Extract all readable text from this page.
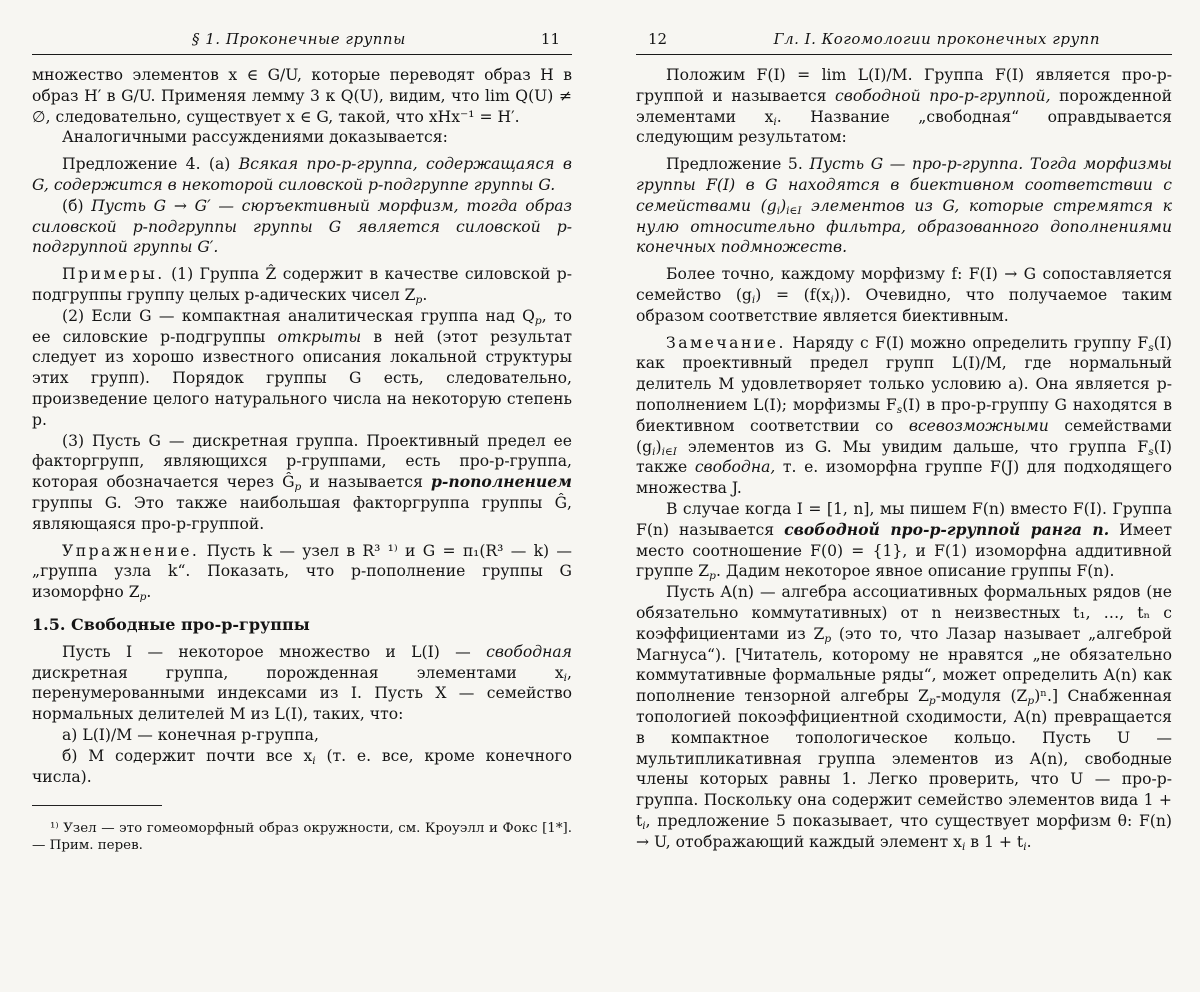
§ 1. Проконечные группы	11

множество элементов x ∈ G/U, которые переводят образ H в образ H′ в G/U. Применяя лемму 3 к Q(U), видим, что lim Q(U) ≠ ∅, следовательно, существует x ∈ G, такой, что xHx⁻¹ = H′.

Аналогичными рассуждениями доказывается:

Предложение 4. (а) Всякая про-p-группа, содержащаяся в G, содержится в некоторой силовской p-подгруппе группы G.

(б) Пусть G → G′ — сюръективный морфизм, тогда образ силовской p-подгруппы группы G является силовской p-подгруппой группы G′.

Примеры. (1) Группа Ẑ содержит в качестве силовской p-подгруппы группу целых p-адических чисел Zp.

(2) Если G — компактная аналитическая группа над Qp, то ее силовские p-подгруппы открыты в ней (этот результат следует из хорошо известного описания локальной структуры этих групп). Порядок группы G есть, следовательно, произведение целого натурального числа на некоторую степень p.

(3) Пусть G — дискретная группа. Проективный предел ее факторгрупп, являющихся p-группами, есть про-p-группа, которая обозначается через Ĝp и называется p-пополнением группы G. Это также наибольшая факторгруппа группы Ĝ, являющаяся про-p-группой.

Упражнение. Пусть k — узел в R³ ¹⁾ и G = π₁(R³ — k) — „группа узла k“. Показать, что p-пополнение группы G изоморфно Zp.

1.5. Свободные про-p-группы

Пусть I — некоторое множество и L(I) — свободная дискретная группа, порожденная элементами xi, перенумерованными индексами из I. Пусть X — семейство нормальных делителей M из L(I), таких, что:

а) L(I)/M — конечная p-группа,

б) M содержит почти все xi (т. е. все, кроме конечного числа).

¹⁾ Узел — это гомеоморфный образ окружности, см. Кроуэлл и Фокс [1*]. — Прим. перев.

12	Гл. I. Когомологии проконечных групп

Положим F(I) = lim L(I)/M. Группа F(I) является про-p-группой и называется свободной про-p-группой, порожденной элементами xi. Название „свободная“ оправдывается следующим результатом:

Предложение 5. Пусть G — про-p-группа. Тогда морфизмы группы F(I) в G находятся в биективном соответствии с семействами (gi)i∈I элементов из G, которые стремятся к нулю относительно фильтра, образованного дополнениями конечных подмножеств.

Более точно, каждому морфизму f: F(I) → G сопоставляется семейство (gi) = (f(xi)). Очевидно, что получаемое таким образом соответствие является биективным.

Замечание. Наряду с F(I) можно определить группу Fs(I) как проективный предел групп L(I)/M, где нормальный делитель M удовлетворяет только условию а). Она является p-пополнением L(I); морфизмы Fs(I) в про-p-группу G находятся в биективном соответствии со всевозможными семействами (gi)i∈I элементов из G. Мы увидим дальше, что группа Fs(I) также свободна, т. е. изоморфна группе F(J) для подходящего множества J.

В случае когда I = [1, n], мы пишем F(n) вместо F(I). Группа F(n) называется свободной про-p-группой ранга n. Имеет место соотношение F(0) = {1}, и F(1) изоморфна аддитивной группе Zp. Дадим некоторое явное описание группы F(n).

Пусть A(n) — алгебра ассоциативных формальных рядов (не обязательно коммутативных) от n неизвестных t₁, …, tₙ с коэффициентами из Zp (это то, что Лазар называет „алгеброй Магнуса“). [Читатель, которому не нравятся „не обязательно коммутативные формальные ряды“, может определить A(n) как пополнение тензорной алгебры Zp-модуля (Zp)ⁿ.] Снабженная топологией покоэффициентной сходимости, A(n) превращается в компактное топологическое кольцо. Пусть U — мультипликативная группа элементов из A(n), свободные члены которых равны 1. Легко проверить, что U — про-p-группа. Поскольку она содержит семейство элементов вида 1 + ti, предложение 5 показывает, что существует морфизм θ: F(n) → U, отображающий каждый элемент xi в 1 + ti.
